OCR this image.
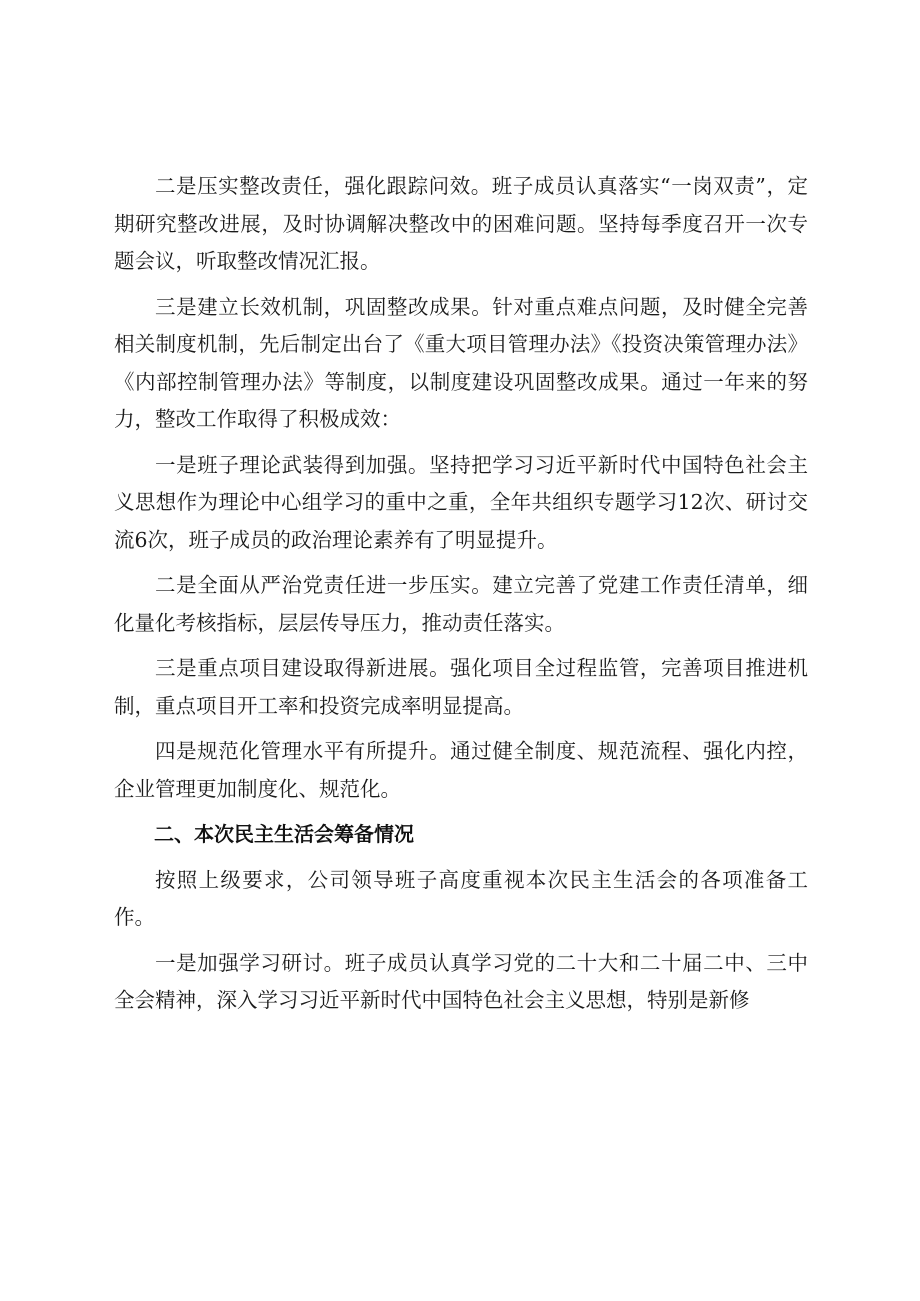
二是压实整改责任，强化跟踪问效。班子成员认真落实“一岗双责”，定期研究整改进展，及时协调解决整改中的困难问题。坚持每季度召开一次专题会议，听取整改情况汇报。

三是建立长效机制，巩固整改成果。针对重点难点问题，及时健全完善相关制度机制，先后制定出台了《重大项目管理办法》《投资决策管理办法》《内部控制管理办法》等制度，以制度建设巩固整改成果。通过一年来的努力，整改工作取得了积极成效：

一是班子理论武装得到加强。坚持把学习习近平新时代中国特色社会主义思想作为理论中心组学习的重中之重，全年共组织专题学习12次、研讨交流6次，班子成员的政治理论素养有了明显提升。

二是全面从严治党责任进一步压实。建立完善了党建工作责任清单，细化量化考核指标，层层传导压力，推动责任落实。

三是重点项目建设取得新进展。强化项目全过程监管，完善项目推进机制，重点项目开工率和投资完成率明显提高。

四是规范化管理水平有所提升。通过健全制度、规范流程、强化内控，企业管理更加制度化、规范化。

二、本次民主生活会筹备情况

按照上级要求，公司领导班子高度重视本次民主生活会的各项准备工作。

一是加强学习研讨。班子成员认真学习党的二十大和二十届二中、三中全会精神，深入学习习近平新时代中国特色社会主义思想，特别是新修
